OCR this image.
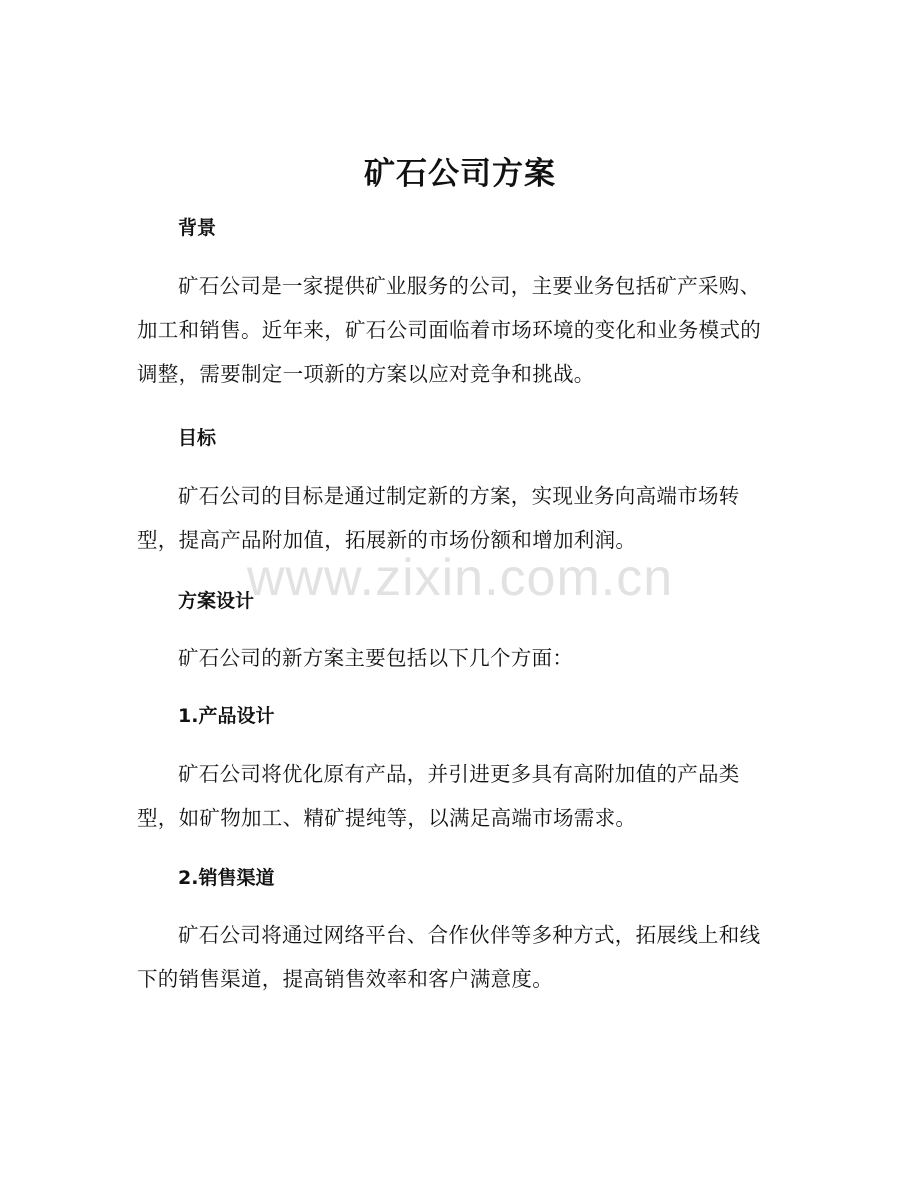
矿石公司方案
背景

矿石公司是一家提供矿业服务的公司，主要业务包括矿产采购、加工和销售。近年来，矿石公司面临着市场环境的变化和业务模式的调整，需要制定一项新的方案以应对竞争和挑战。

目标

矿石公司的目标是通过制定新的方案，实现业务向高端市场转型，提高产品附加值，拓展新的市场份额和增加利润。

方案设计

矿石公司的新方案主要包括以下几个方面：

1.产品设计

矿石公司将优化原有产品，并引进更多具有高附加值的产品类型，如矿物加工、精矿提纯等，以满足高端市场需求。

2.销售渠道

矿石公司将通过网络平台、合作伙伴等多种方式，拓展线上和线下的销售渠道，提高销售效率和客户满意度。

www.zixin.com.cn
